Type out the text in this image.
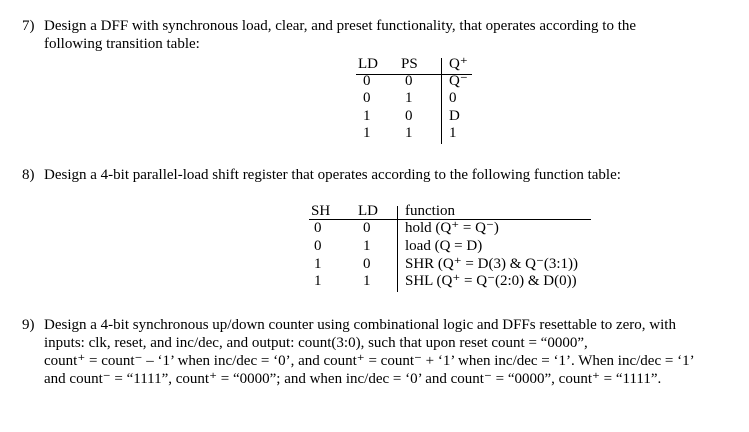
7) Design a DFF with synchronous load, clear, and preset functionality, that operates according to the
following transition table:
LD PS Q⁺
0 0 Q⁻
0 1 0
1 0 D
1 1 1
8) Design a 4-bit parallel-load shift register that operates according to the following function table:
SH LD function
0	0 hold (Q⁺ = Q⁻)
0	1 load (Q = D)
1	0 SHR (Q⁺ = D(3) & Q⁻(3:1))
1	1 SHL (Q⁺ = Q⁻(2:0) & D(0))
9) Design a 4-bit synchronous up/down counter using combinational logic and DFFs resettable to zero, with
inputs: clk, reset, and inc/dec, and output: count(3:0), such that upon reset count = “0000”,
count⁺ = count⁻ – ‘1’ when inc/dec = ‘0’, and count⁺ = count⁻ + ‘1’ when inc/dec = ‘1’. When inc/dec = ‘1’
and count⁻ = “1111”, count⁺ = “0000”; and when inc/dec = ‘0’ and count⁻ = “0000”, count⁺ = “1111”.
